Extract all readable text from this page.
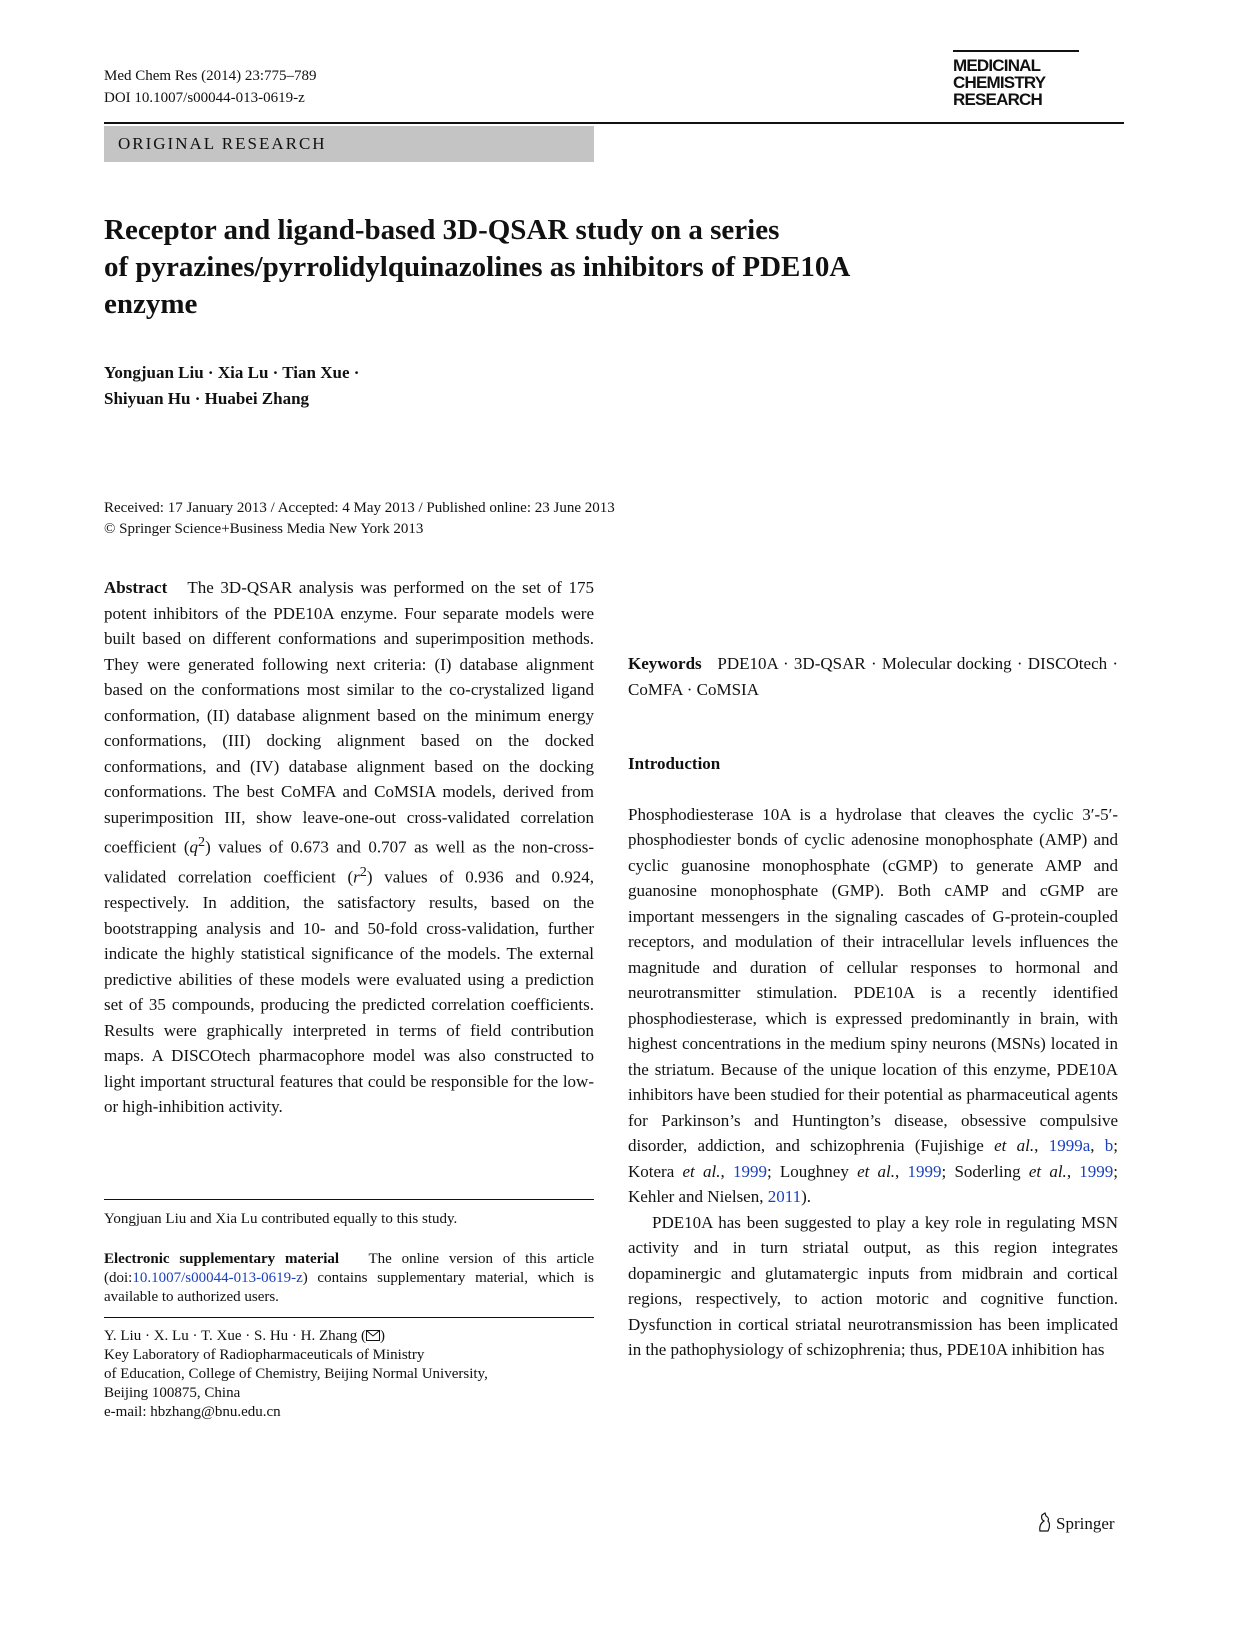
Med Chem Res (2014) 23:775–789
DOI 10.1007/s00044-013-0619-z
MEDICINAL
CHEMISTRY
RESEARCH
ORIGINAL RESEARCH
Receptor and ligand-based 3D-QSAR study on a series
of pyrazines/pyrrolidylquinazolines as inhibitors of PDE10A
enzyme
Yongjuan Liu · Xia Lu · Tian Xue ·
Shiyuan Hu · Huabei Zhang
Received: 17 January 2013 / Accepted: 4 May 2013 / Published online: 23 June 2013
© Springer Science+Business Media New York 2013

Abstract The 3D-QSAR analysis was performed on the set of 175 potent inhibitors of the PDE10A enzyme. Four separate models were built based on different conformations and superimposition methods. They were generated following next criteria: (I) database alignment based on the conformations most similar to the co-crystalized ligand conformation, (II) database alignment based on the minimum energy conformations, (III) docking alignment based on the docked conformations, and (IV) database alignment based on the docking conformations. The best CoMFA and CoMSIA models, derived from superimposition III, show leave-one-out cross-validated correlation coefficient $(q^2)$ values of 0.673 and 0.707 as well as the non-cross-validated correlation coefficient $(r^2)$ values of 0.936 and 0.924, respectively. In addition, the satisfactory results, based on the bootstrapping analysis and 10- and 50-fold cross-validation, further indicate the highly statistical significance of the models. The external predictive abilities of these models were evaluated using a prediction set of 35 compounds, producing the predicted correlation coefficients. Results were graphically interpreted in terms of field contribution maps. A DISCOtech pharmacophore model was also constructed to light important structural features that could be responsible for the low- or high-inhibition activity.

Keywords PDE10A · 3D-QSAR · Molecular docking · DISCOtech · CoMFA · CoMSIA

Introduction

Phosphodiesterase 10A is a hydrolase that cleaves the cyclic 3′-5′-phosphodiester bonds of cyclic adenosine monophosphate (AMP) and cyclic guanosine monophosphate (cGMP) to generate AMP and guanosine monophosphate (GMP). Both cAMP and cGMP are important messengers in the signaling cascades of G-protein-coupled receptors, and modulation of their intracellular levels influences the magnitude and duration of cellular responses to hormonal and neurotransmitter stimulation. PDE10A is a recently identified phosphodiesterase, which is expressed predominantly in brain, with highest concentrations in the medium spiny neurons (MSNs) located in the striatum. Because of the unique location of this enzyme, PDE10A inhibitors have been studied for their potential as pharmaceutical agents for Parkinson’s and Huntington’s disease, obsessive compulsive disorder, addiction, and schizophrenia (Fujishige et al., 1999a, b; Kotera et al., 1999; Loughney et al., 1999; Soderling et al., 1999; Kehler and Nielsen, 2011).

PDE10A has been suggested to play a key role in regulating MSN activity and in turn striatal output, as this region integrates dopaminergic and glutamatergic inputs from midbrain and cortical regions, respectively, to action motoric and cognitive function. Dysfunction in cortical striatal neurotransmission has been implicated in the pathophysiology of schizophrenia; thus, PDE10A inhibition has

Yongjuan Liu and Xia Lu contributed equally to this study.
Electronic supplementary material The online version of this article (doi:10.1007/s00044-013-0619-z) contains supplementary material, which is available to authorized users.
Y. Liu · X. Lu · T. Xue · S. Hu · H. Zhang ( )
Key Laboratory of Radiopharmaceuticals of Ministry
of Education, College of Chemistry, Beijing Normal University,
Beijing 100875, China
e-mail: hbzhang@bnu.edu.cn
Springer
